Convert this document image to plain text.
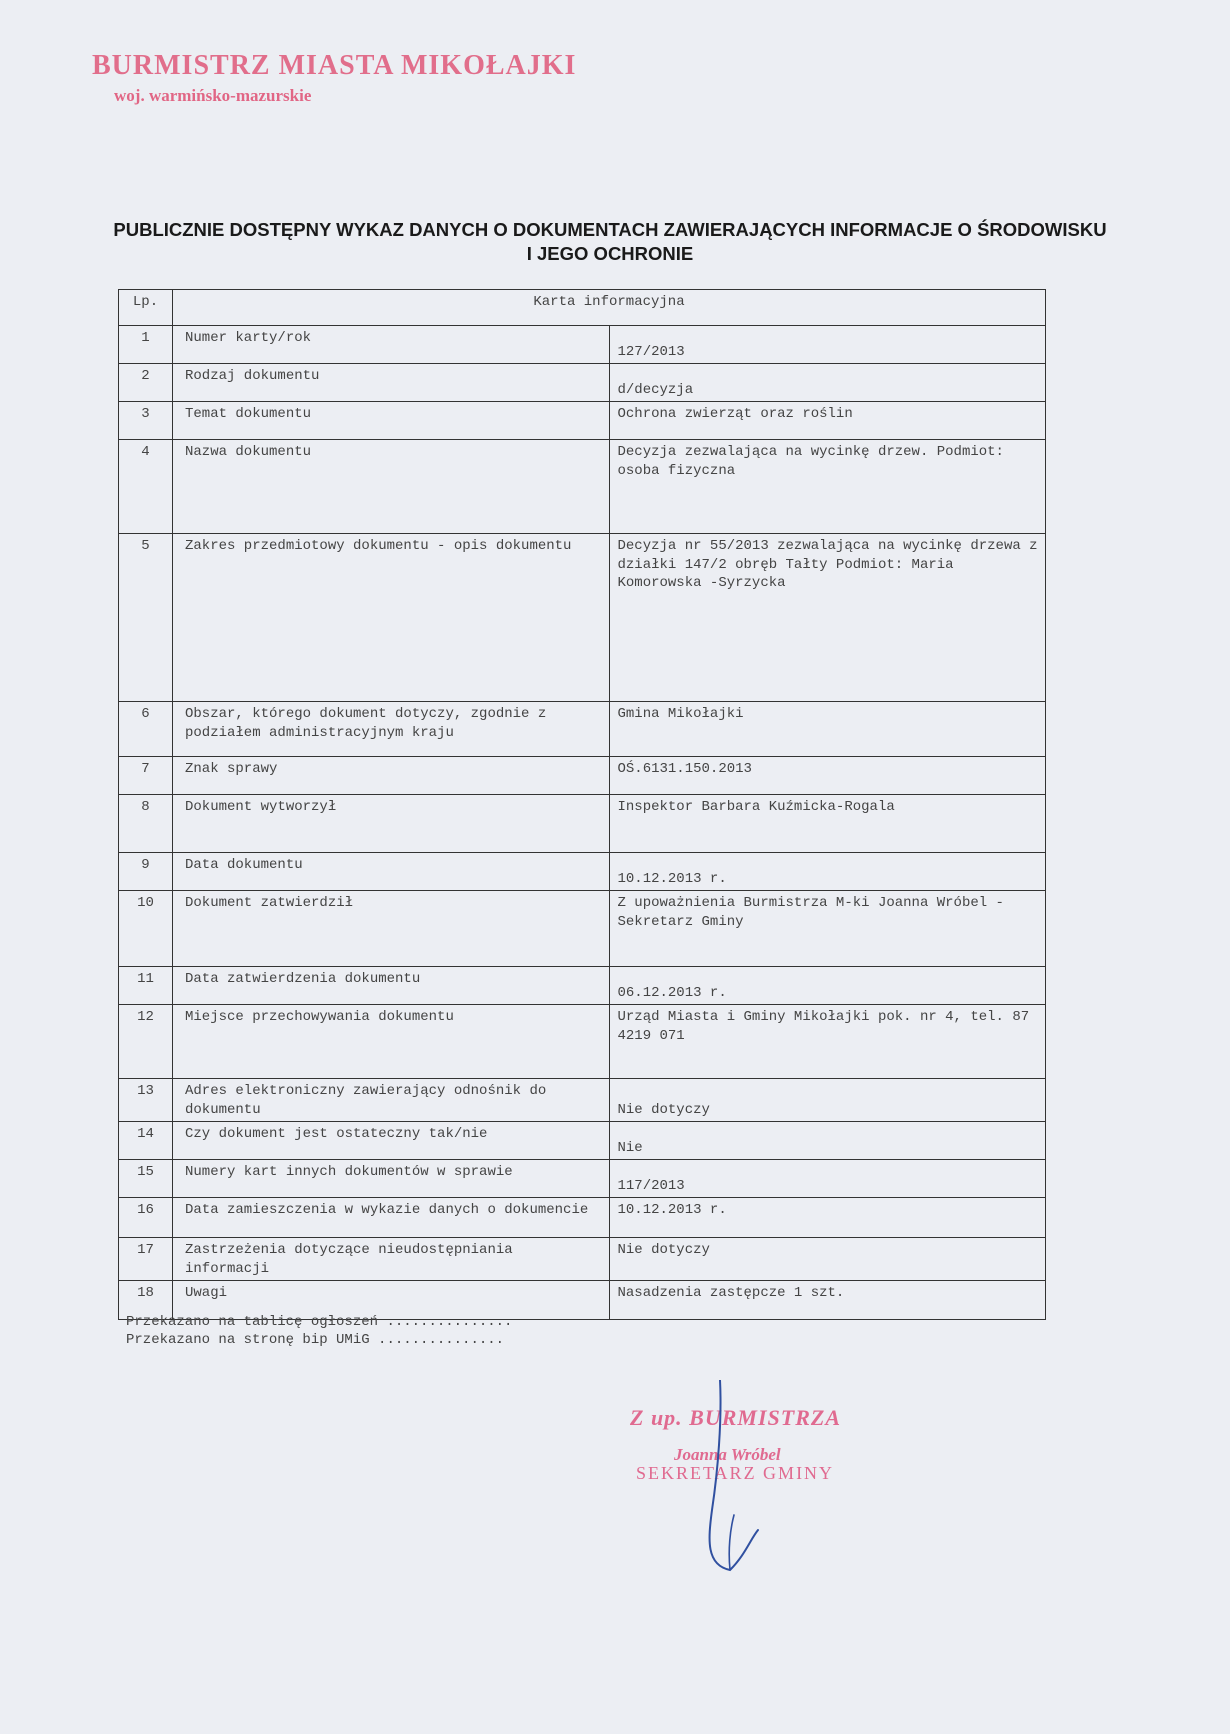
BURMISTRZ MIASTA MIKOŁAJKI
woj. warmińsko-mazurskie
PUBLICZNIE DOSTĘPNY WYKAZ DANYCH O DOKUMENTACH ZAWIERAJĄCYCH INFORMACJE O ŚRODOWISKU I JEGO OCHRONIE
Lp.	Karta informacyjna	
1	Numer karty/rok	127/2013
2	Rodzaj dokumentu	d/decyzja
3	Temat dokumentu	Ochrona zwierząt oraz roślin
4	Nazwa dokumentu	Decyzja zezwalająca na wycinkę drzew. Podmiot: osoba fizyczna
5	Zakres przedmiotowy dokumentu - opis dokumentu	Decyzja nr 55/2013 zezwalająca na wycinkę drzewa z działki 147/2 obręb Tałty Podmiot: Maria Komorowska -Syrzycka
6	Obszar, którego dokument dotyczy, zgodnie z podziałem administracyjnym kraju	Gmina Mikołajki
7	Znak sprawy	OŚ.6131.150.2013
8	Dokument wytworzył	Inspektor Barbara Kuźmicka-Rogala
9	Data dokumentu	10.12.2013 r.
10	Dokument zatwierdził	Z upoważnienia Burmistrza M-ki Joanna Wróbel - Sekretarz Gminy
11	Data zatwierdzenia dokumentu	06.12.2013 r.
12	Miejsce przechowywania dokumentu	Urząd Miasta i Gminy Mikołajki pok. nr 4, tel. 87 4219 071
13	Adres elektroniczny zawierający odnośnik do dokumentu	Nie dotyczy
14	Czy dokument jest ostateczny tak/nie	Nie
15	Numery kart innych dokumentów w sprawie	117/2013
16	Data zamieszczenia w wykazie danych o dokumencie	10.12.2013 r.
17	Zastrzeżenia dotyczące nieudostępniania informacji	Nie dotyczy
18	Uwagi	Nasadzenia zastępcze 1 szt.
Przekazano na tablicę ogłoszeń ...............
Przekazano na stronę bip UMiG ...............
Z up. BURMISTRZA
Joanna Wróbel
SEKRETARZ GMINY
